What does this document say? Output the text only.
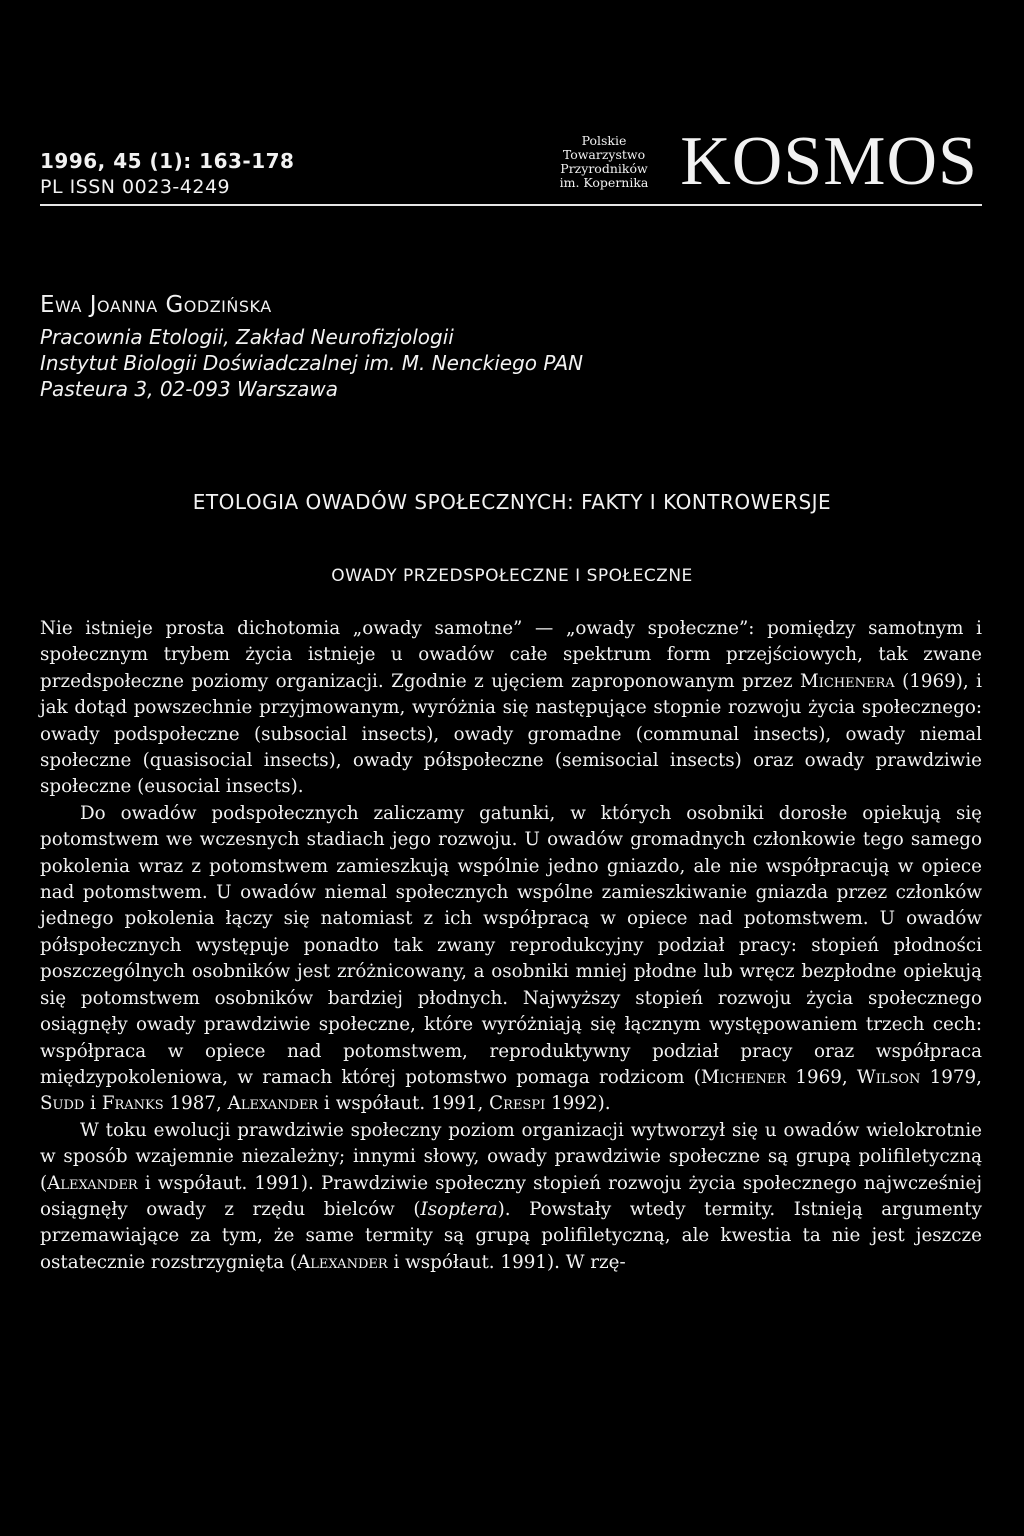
1996, 45 (1): 163-178
PL ISSN 0023-4249
Polskie
Towarzystwo
Przyrodników
im. Kopernika KOSMOS
Ewa Joanna Godzińska
Pracownia Etologii, Zakład Neurofizjologii
Instytut Biologii Doświadczalnej im. M. Nenckiego PAN
Pasteura 3, 02-093 Warszawa
ETOLOGIA OWADÓW SPOŁECZNYCH: FAKTY I KONTROWERSJE
OWADY PRZEDSPOŁECZNE I SPOŁECZNE

Nie istnieje prosta dichotomia „owady samotne” — „owady społeczne”: pomiędzy samotnym i społecznym trybem życia istnieje u owadów całe spektrum form przejściowych, tak zwane przedspołeczne poziomy organizacji. Zgodnie z ujęciem zaproponowanym przez Michenera (1969), i jak dotąd powszechnie przyjmowanym, wyróżnia się następujące stopnie rozwoju życia społecznego: owady podspołeczne (subsocial insects), owady gromadne (communal insects), owady niemal społeczne (quasisocial insects), owady półspołeczne (semisocial insects) oraz owady prawdziwie społeczne (eusocial insects).

Do owadów podspołecznych zaliczamy gatunki, w których osobniki dorosłe opiekują się potomstwem we wczesnych stadiach jego rozwoju. U owadów gromadnych członkowie tego samego pokolenia wraz z potomstwem zamieszkują wspólnie jedno gniazdo, ale nie współpracują w opiece nad potomstwem. U owadów niemal społecznych wspólne zamieszkiwanie gniazda przez członków jednego pokolenia łączy się natomiast z ich współpracą w opiece nad potomstwem. U owadów półspołecznych występuje ponadto tak zwany reprodukcyjny podział pracy: stopień płodności poszczególnych osobników jest zróżnicowany, a osobniki mniej płodne lub wręcz bezpłodne opiekują się potomstwem osobników bardziej płodnych. Najwyższy stopień rozwoju życia społecznego osiągnęły owady prawdziwie społeczne, które wyróżniają się łącznym występowaniem trzech cech: współpraca w opiece nad potomstwem, reproduktywny podział pracy oraz współpraca międzypokoleniowa, w ramach której potomstwo pomaga rodzicom (Michener 1969, Wilson 1979, Sudd i Franks 1987, Alexander i współaut. 1991, Crespi 1992).

W toku ewolucji prawdziwie społeczny poziom organizacji wytworzył się u owadów wielokrotnie w sposób wzajemnie niezależny; innymi słowy, owady prawdziwie społeczne są grupą polifiletyczną (Alexander i współaut. 1991). Prawdziwie społeczny stopień rozwoju życia społecznego najwcześniej osiągnęły owady z rzędu bielców (Isoptera). Powstały wtedy termity. Istnieją argumenty przemawiające za tym, że same termity są grupą polifiletyczną, ale kwestia ta nie jest jeszcze ostatecznie rozstrzygnięta (Alexander i współaut. 1991). W rzę-
